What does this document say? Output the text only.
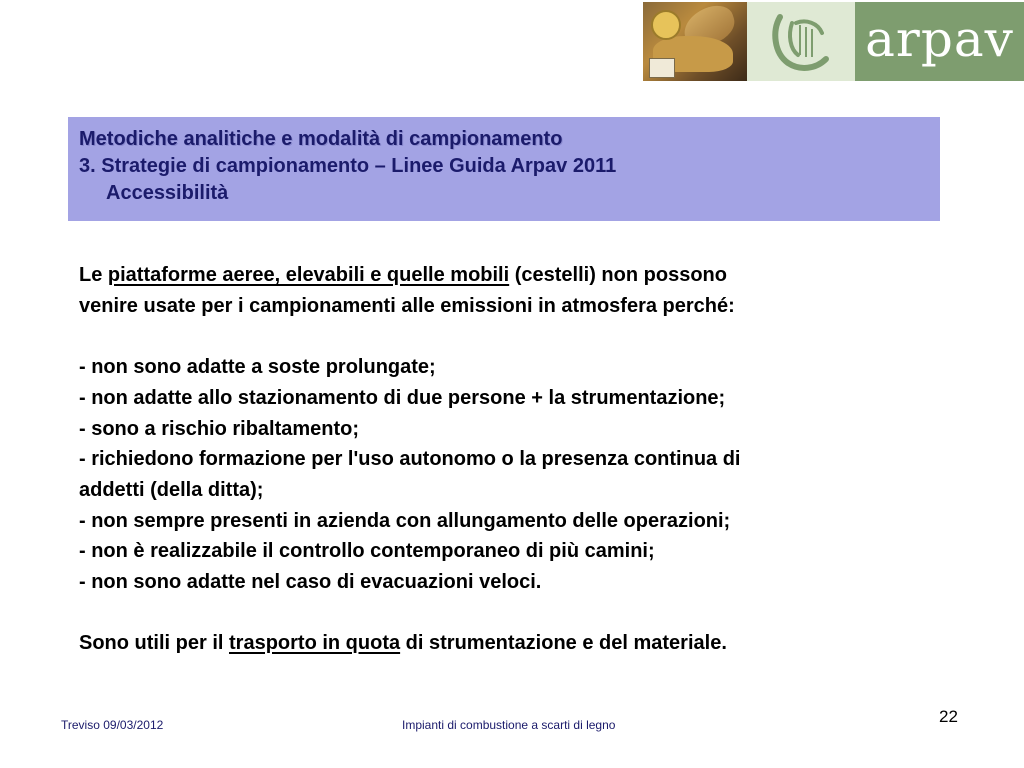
arpav
Metodiche analitiche e modalità di campionamento
3. Strategie di campionamento – Linee Guida Arpav 2011
Accessibilità

Le piattaforme aeree, elevabili e quelle mobili (cestelli) non possono

venire usate per i campionamenti alle emissioni in atmosfera perché:

- non sono adatte a soste prolungate;

- non adatte allo stazionamento di due persone + la strumentazione;

- sono a rischio ribaltamento;

- richiedono formazione per l'uso autonomo o la presenza continua di

addetti (della ditta);

- non sempre presenti in azienda con allungamento delle operazioni;

- non è realizzabile il controllo contemporaneo di più camini;

- non sono adatte nel caso di evacuazioni veloci.

Sono utili per il trasporto in quota di strumentazione e del materiale.

Treviso 09/03/2012	Impianti di combustione a scarti di legno	22
